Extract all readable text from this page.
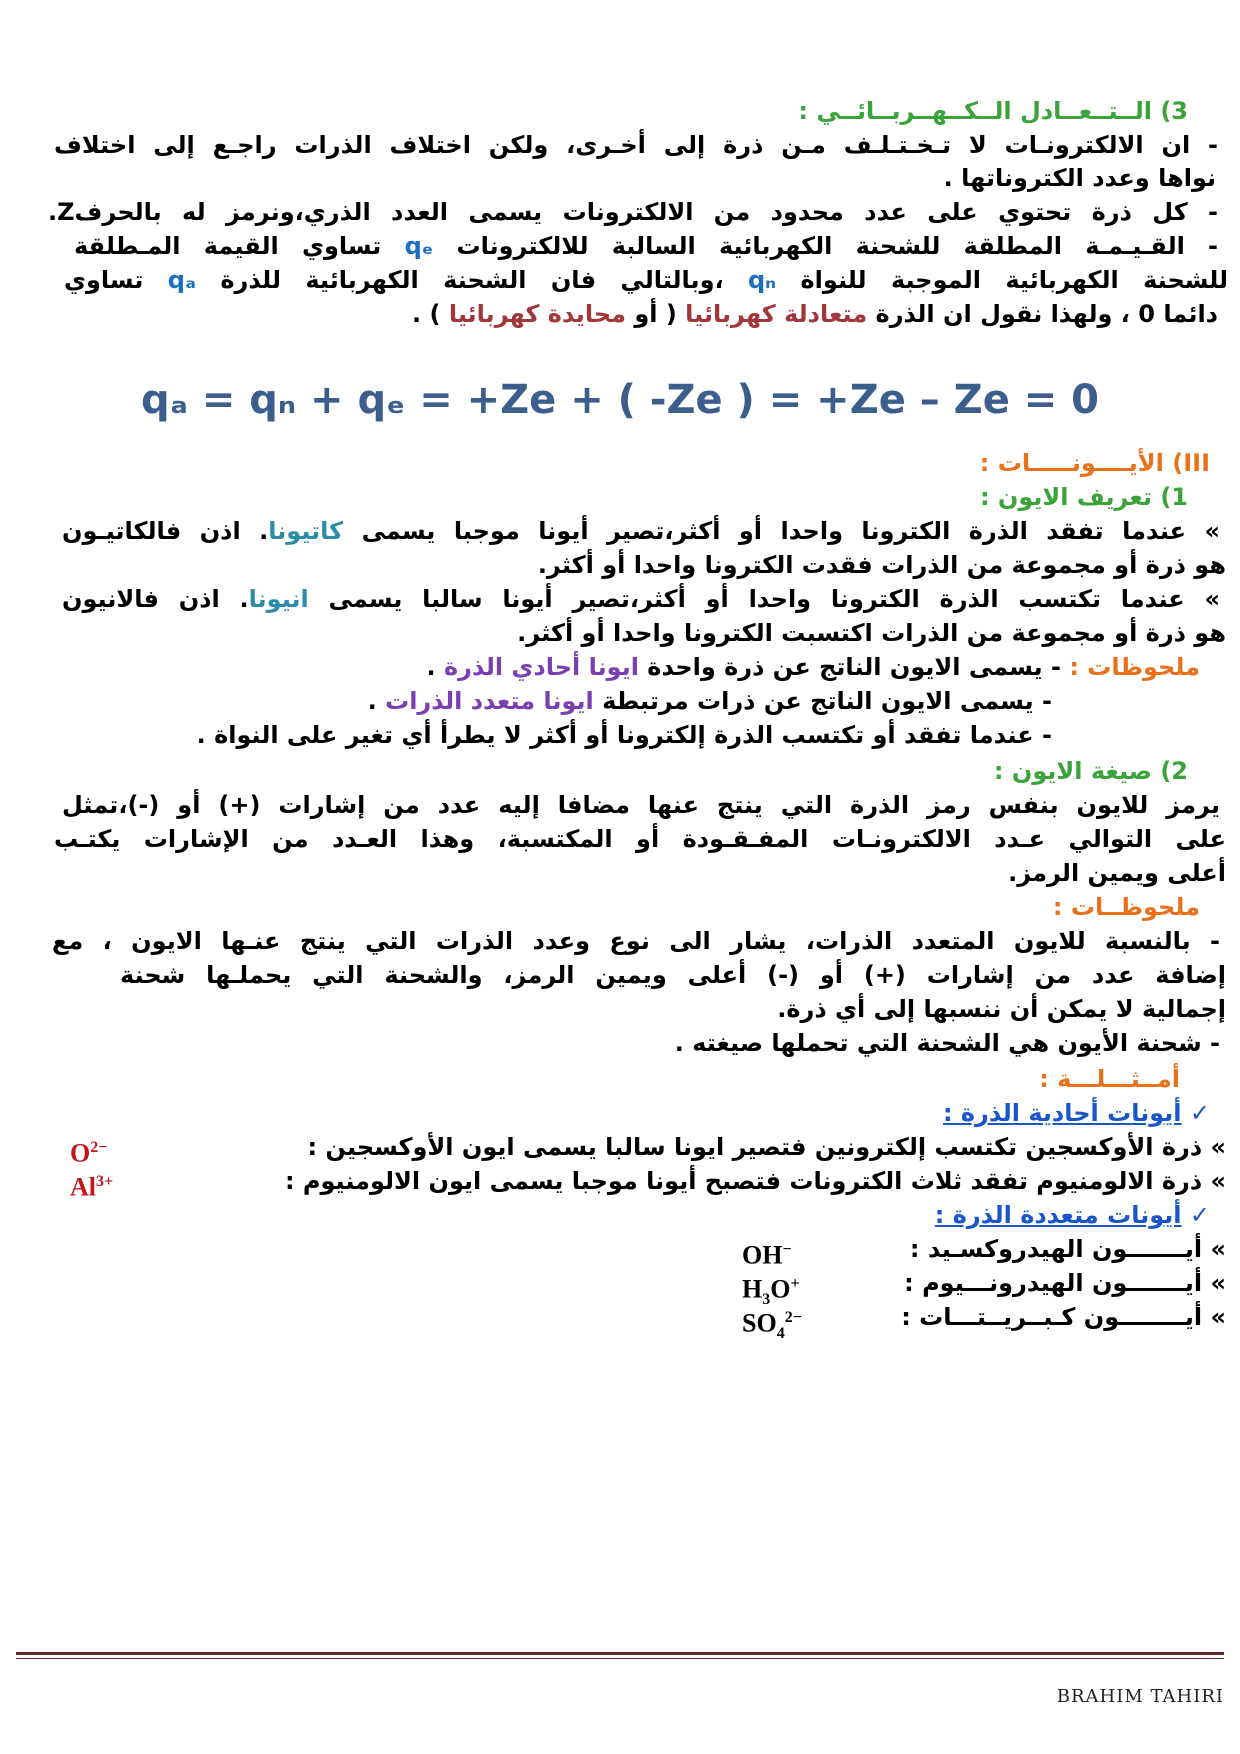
3) الــتــعــادل الــكــهــربــائــي :
- ان الالكترونـات لا تـخـتـلـف مـن ذرة إلى أخـرى، ولكن اختلاف الذرات راجـع إلى اختلاف
نواها وعدد الكتروناتها .
- كل ذرة تحتوي على عدد محدود من الالكترونات يسمى العدد الذري،ونرمز له بالحرفZ.
- القـيـمـة المطلقة للشحنة الكهربائية السالبة للالكترونات qₑ تساوي القيمة المـطلقة
للشحنة الكهربائية الموجبة للنواة qₙ ،وبالتالي فان الشحنة الكهربائية للذرة qₐ تساوي
دائما 0 ، ولهذا نقول ان الذرة متعادلة كهربائيا ( أو محايدة كهربائيا ) .
qₐ = qₙ + qₑ = +Ze + ( -Ze ) = +Ze – Ze = 0
III) الأيــــونـــــات :
1) تعريف الايون :
» عندما تفقد الذرة الكترونا واحدا أو أكثر،تصير أيونا موجبا يسمى كاتيونا. اذن فالكاتيـون
هو ذرة أو مجموعة من الذرات فقدت الكترونا واحدا أو أكثر.
» عندما تكتسب الذرة الكترونا واحدا أو أكثر،تصير أيونا سالبا يسمى انيونا. اذن فالانيون
هو ذرة أو مجموعة من الذرات اكتسبت الكترونا واحدا أو أكثر.
ملحوظات : - يسمى الايون الناتج عن ذرة واحدة ايونا أحادي الذرة .
- يسمى الايون الناتج عن ذرات مرتبطة ايونا متعدد الذرات .
- عندما تفقد أو تكتسب الذرة إلكترونا أو أكثر لا يطرأ أي تغير على النواة .
2) صيغة الايون :
يرمز للايون بنفس رمز الذرة التي ينتج عنها مضافا إليه عدد من إشارات (+) أو (-)،تمثل
على التوالي عـدد الالكترونـات المفـقـودة أو المكتسبة، وهذا العـدد من الإشارات يكتـب
أعلى ويمين الرمز.
ملحوظــات :
- بالنسبة للايون المتعدد الذرات، يشار الى نوع وعدد الذرات التي ينتج عنـها الايون ، مع
إضافة عدد من إشارات (+) أو (-) أعلى ويمين الرمز، والشحنة التي يحملـها شحنة
إجمالية لا يمكن أن ننسبها إلى أي ذرة.
- شحنة الأيون هي الشحنة التي تحملها صيغته .
أمــثـــلـــة :
✓ أيونات أحادية الذرة :
» ذرة الأوكسجين تكتسب إلكترونين فتصير ايونا سالبا يسمى ايون الأوكسجين :
$O^{2-}$
» ذرة الالومنيوم تفقد ثلاث الكترونات فتصبح أيونا موجبا يسمى ايون الالومنيوم :
$Al^{3+}$
✓ أيونات متعددة الذرة :
» أيـــــــون الهيدروكسـيد :
OH−
» أيـــــــون الهيدرونـــيوم :
$H_3O^+$
» أيــــــــون كـبــريــتـــات :
$SO_4^{2-}$
BRAHIM TAHIRI
